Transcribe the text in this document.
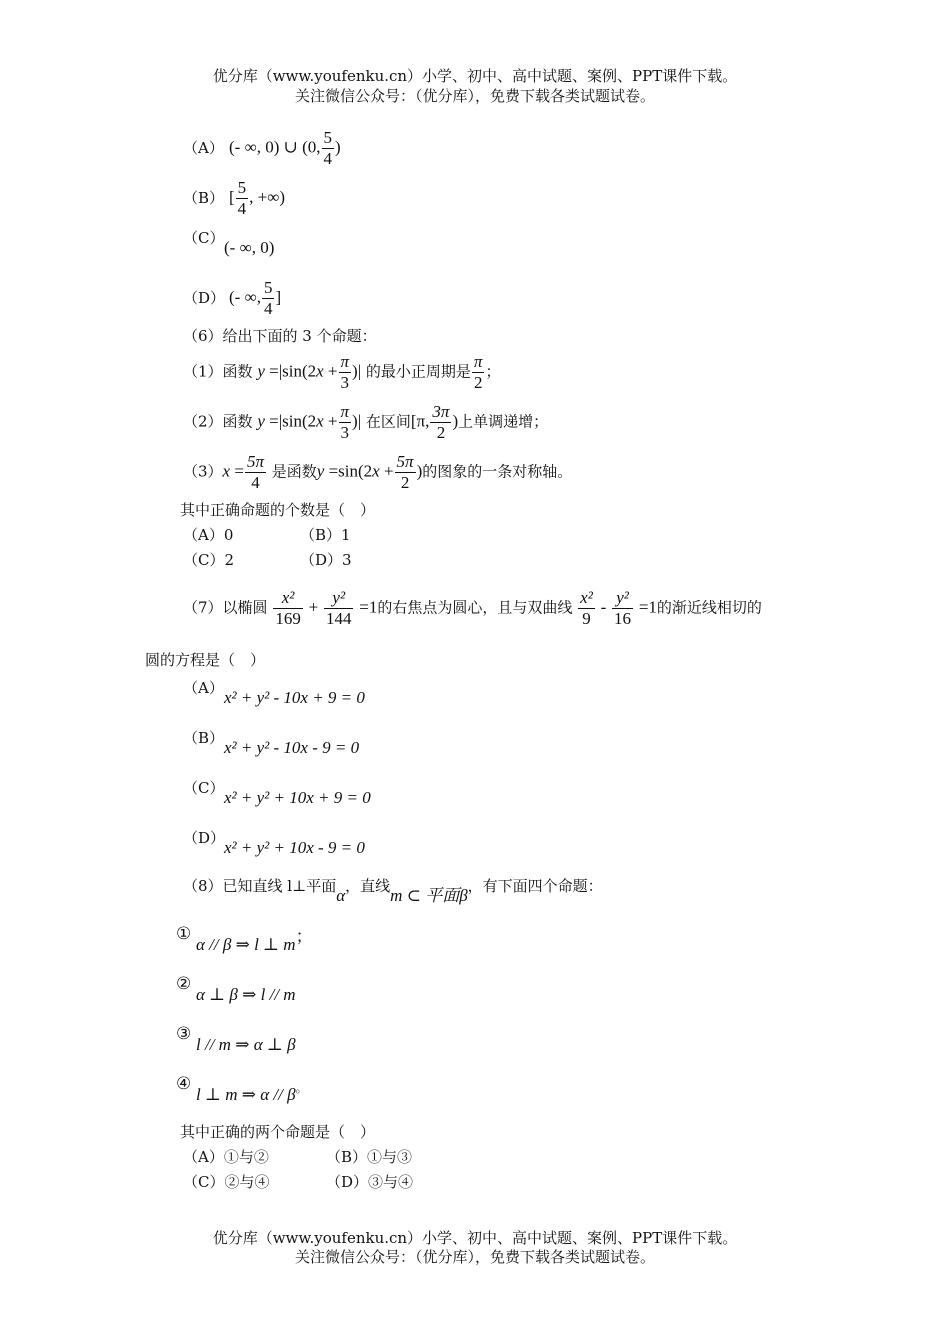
优分库（www.youfenku.cn）小学、初中、高中试题、案例、PPT课件下载。
关注微信公众号：（优分库），免费下载各类试题试卷。
（A） (- ∞, 0) ∪ (0, $\frac{5}{4}$ )
（B） [ $\frac{5}{4}$ , +∞)
（C） (- ∞, 0)
（D） (- ∞, $\frac{5}{4}$ ]
（6）给出下面的 3 个命题：
（1）函数 $y =|\sin(2x + \frac{\pi}{3}$ )| 的最小正周期是 $\frac{\pi}{2}$ ；
（2）函数 $y =|\sin(2x + \frac{\pi}{3}$ )| 在区间[π, $\frac{3\pi}{2}$ )上单调递增；
$(3)x = \frac{5\pi}{4}$ 是函数$y =\sin(2x + \frac{5\pi}{2}$ )的图象的一条对称轴。
其中正确命题的个数是（　）
（A）0	（B）1
（C）2	（D）3
（7）以椭圆 $\frac{\text{x²}}{169} + \frac{\text{y²}}{144} =1$的右焦点为圆心，且与双曲线 $\frac{\text{x²}}{9} - \frac{\text{y²}}{16} =1$的渐近线相切的
圆的方程是（　）
（A） x² + y² - 10x + 9 = 0
（B） x² + y² - 10x - 9 = 0
（C） x² + y² + 10x + 9 = 0
（D）
x² + y² + 10x - 9 = 0
（8）已知直线 l⊥平面α，直线m ⊂ 平面β，有下面四个命题：
①
α // β ⇒ l ⊥ m；
②
α ⊥ β ⇒ l // m
③
l // m ⇒ α ⊥ β
④
l ⊥ m ⇒ α // β。
其中正确的两个命题是（　）
（A）①与②	（B）①与③
（C）②与④	（D）③与④
优分库（www.youfenku.cn）小学、初中、高中试题、案例、PPT课件下载。
关注微信公众号：（优分库），免费下载各类试题试卷。
